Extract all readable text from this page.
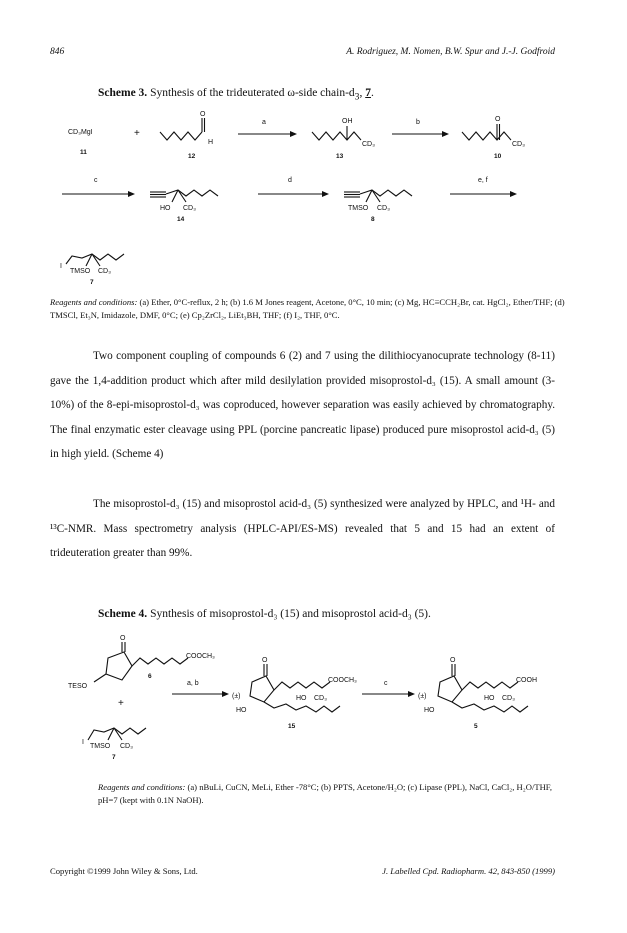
846	A. Rodriguez, M. Nomen, B.W. Spur and J.-J. Godfroid
Scheme 3. Synthesis of the trideuterated ω-side chain-$d_3$, 7.
CD₃MgI
11
+
O
H
12
a	OH
CD₃
13
b	O
CD₃
10
c
HO CD₃
14
d
TMSO CD₃
8
e, f
I
TMSO CD₃
7
Reagents and conditions: (a) Ether, 0°C-reflux, 2 h; (b) 1.6 M Jones reagent, Acetone, 0°C, 10 min; (c) Mg, HC≡CCH₂Br, cat. HgCl₂, Ether/THF; (d) TMSCl, Et₃N, Imidazole, DMF, 0°C; (e) Cp₂ZrCl₂, LiEt₃BH, THF; (f) I₂, THF, 0°C.
Two component coupling of compounds 6 (2) and 7 using the dilithiocyanocuprate technology (8-11) gave the 1,4-addition product which after mild desilylation provided misoprostol-d₃ (15). A small amount (3-10%) of the 8-epi-misoprostol-d₃ was coproduced, however separation was easily achieved by chromatography. The final enzymatic ester cleavage using PPL (porcine pancreatic lipase) produced pure misoprostol acid-d₃ (5) in high yield. (Scheme 4)
The misoprostol-d₃ (15) and misoprostol acid-d₃ (5) synthesized were analyzed by HPLC, and ¹H- and ¹³C-NMR. Mass spectrometry analysis (HPLC-API/ES-MS) revealed that 5 and 15 had an extent of trideuteration greater than 99%.
Scheme 4. Synthesis of misoprostol-d₃ (15) and misoprostol acid-d₃ (5).
O
COOCH₃
TESO
6
+
I
TMSO CD₃
7
a, b
(±)
O
COOCH₃
HO
HO CD₃
15
c
(±)
O
COOH
HO
HO CD₃
5
Reagents and conditions: (a) nBuLi, CuCN, MeLi, Ether -78°C; (b) PPTS, Acetone/H₂O; (c) Lipase (PPL), NaCl, CaCl₂, H₂O/THF, pH=7 (kept with 0.1N NaOH).
Copyright ©1999 John Wiley & Sons, Ltd.	J. Labelled Cpd. Radiopharm. 42, 843-850 (1999)
